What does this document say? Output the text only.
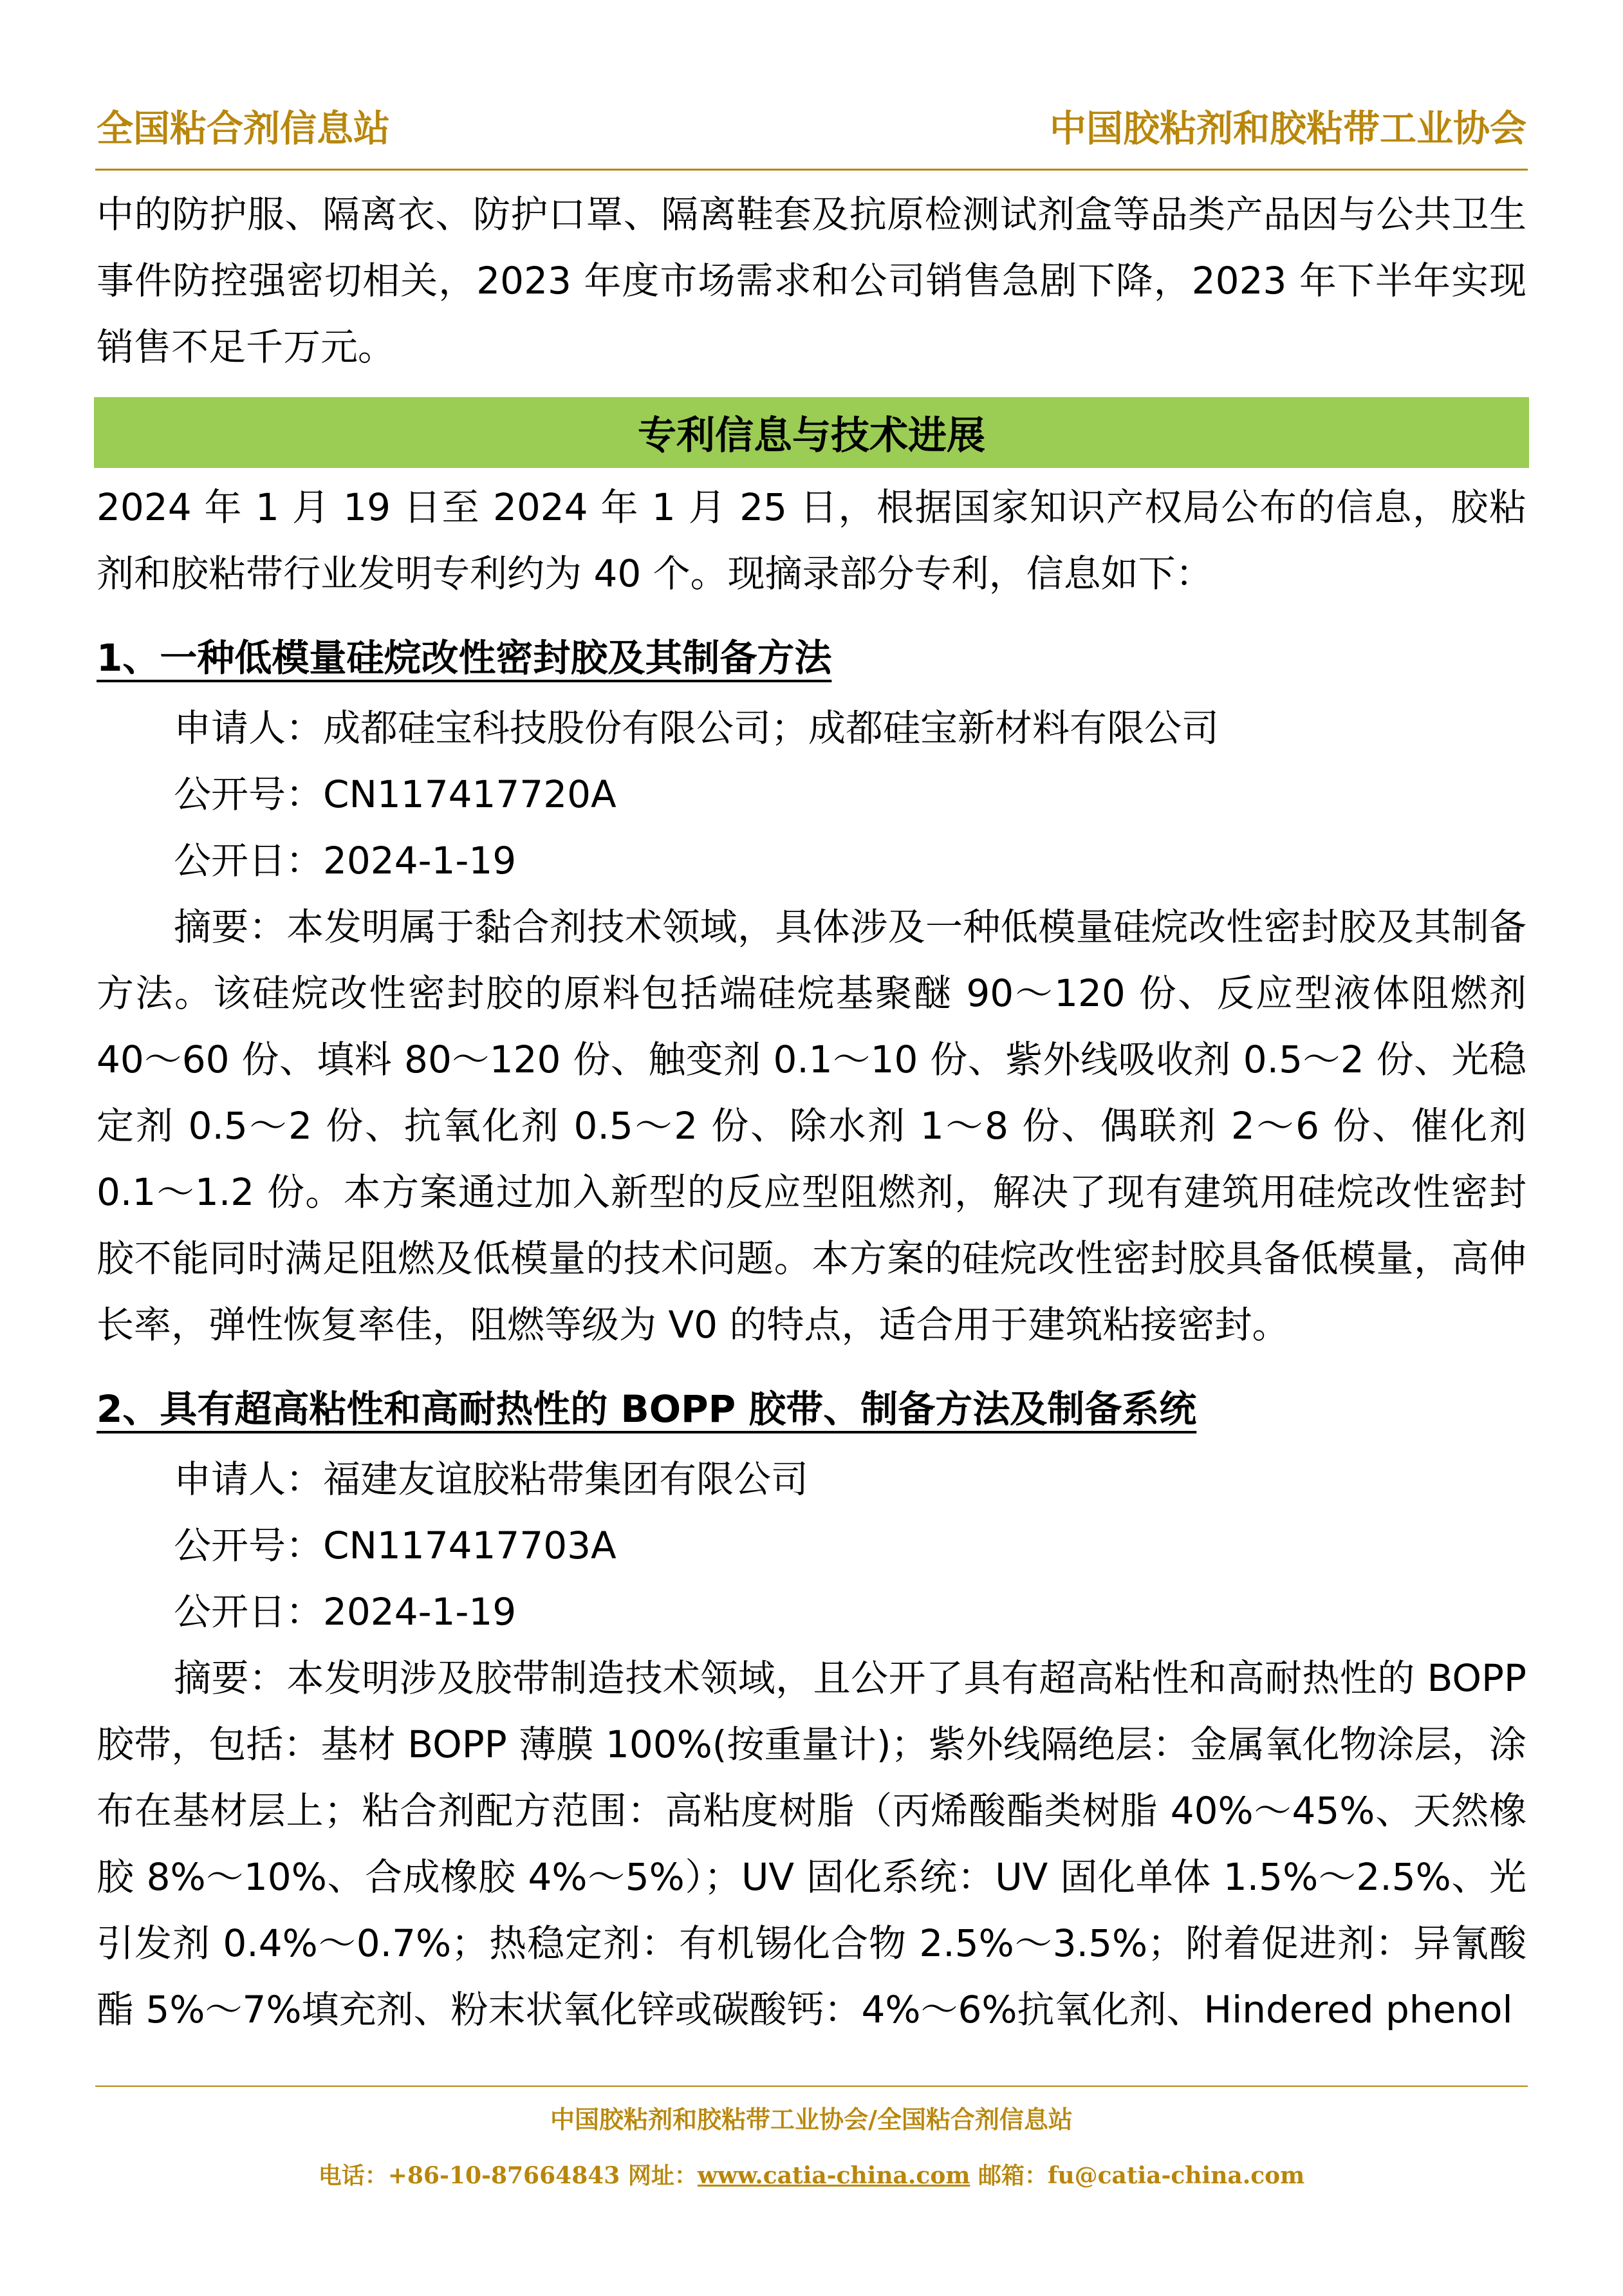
全国粘合剂信息站	中国胶粘剂和胶粘带工业协会

中的防护服、隔离衣、防护口罩、隔离鞋套及抗原检测试剂盒等品类产品因与公共卫生事件防控强密切相关，2023 年度市场需求和公司销售急剧下降，2023 年下半年实现销售不足千万元。

专利信息与技术进展

2024 年 1 月 19 日至 2024 年 1 月 25 日，根据国家知识产权局公布的信息，胶粘剂和胶粘带行业发明专利约为 40 个。现摘录部分专利，信息如下：

1、一种低模量硅烷改性密封胶及其制备方法

申请人：成都硅宝科技股份有限公司；成都硅宝新材料有限公司

公开号：CN117417720A

公开日：2024-1-19

摘要：本发明属于黏合剂技术领域，具体涉及一种低模量硅烷改性密封胶及其制备方法。该硅烷改性密封胶的原料包括端硅烷基聚醚 90～120 份、反应型液体阻燃剂 40～60 份、填料 80～120 份、触变剂 0.1～10 份、紫外线吸收剂 0.5～2 份、光稳定剂 0.5～2 份、抗氧化剂 0.5～2 份、除水剂 1～8 份、偶联剂 2～6 份、催化剂 0.1～1.2 份。本方案通过加入新型的反应型阻燃剂，解决了现有建筑用硅烷改性密封胶不能同时满足阻燃及低模量的技术问题。本方案的硅烷改性密封胶具备低模量，高伸长率，弹性恢复率佳，阻燃等级为 V0 的特点，适合用于建筑粘接密封。

2、具有超高粘性和高耐热性的 BOPP 胶带、制备方法及制备系统

申请人：福建友谊胶粘带集团有限公司

公开号：CN117417703A

公开日：2024-1-19

摘要：本发明涉及胶带制造技术领域，且公开了具有超高粘性和高耐热性的 BOPP 胶带，包括：基材 BOPP 薄膜 100%(按重量计)；紫外线隔绝层：金属氧化物涂层，涂布在基材层上；粘合剂配方范围：高粘度树脂（丙烯酸酯类树脂 40%～45%、天然橡胶 8%～10%、合成橡胶 4%～5%）；UV 固化系统：UV 固化单体 1.5%～2.5%、光引发剂 0.4%～0.7%；热稳定剂：有机锡化合物 2.5%～3.5%；附着促进剂：异氰酸酯 5%～7%填充剂、粉末状氧化锌或碳酸钙：4%～6%抗氧化剂、Hindered phenol

中国胶粘剂和胶粘带工业协会/全国粘合剂信息站
电话：+86-10-87664843 网址：www.catia-china.com 邮箱：fu@catia-china.com
